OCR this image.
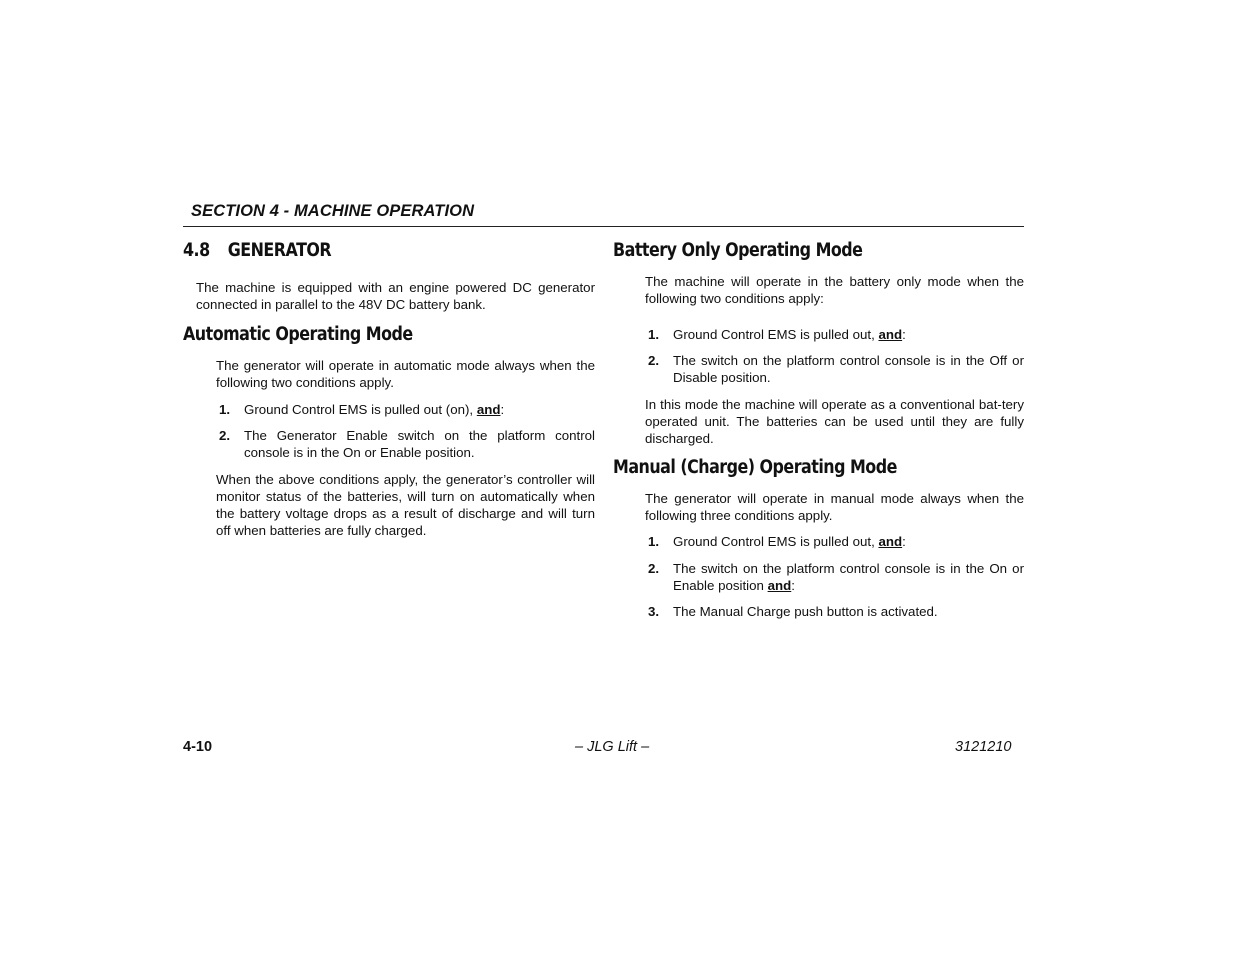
SECTION 4 - MACHINE OPERATION
4.8 GENERATOR
The machine is equipped with an engine powered DC generator connected in parallel to the 48V DC battery bank.
Automatic Operating Mode
The generator will operate in automatic mode always when the following two conditions apply.
1. Ground Control EMS is pulled out (on), and:
2. The Generator Enable switch on the platform control console is in the On or Enable position.
When the above conditions apply, the generator’s controller will monitor status of the batteries, will turn on automatically when the battery voltage drops as a result of discharge and will turn off when batteries are fully charged.
Battery Only Operating Mode
The machine will operate in the battery only mode when the following two conditions apply:
1. Ground Control EMS is pulled out, and:
2. The switch on the platform control console is in the Off or Disable position.
In this mode the machine will operate as a conventional bat-tery operated unit. The batteries can be used until they are fully discharged.
Manual (Charge) Operating Mode
The generator will operate in manual mode always when the following three conditions apply.
1. Ground Control EMS is pulled out, and:
2. The switch on the platform control console is in the On or Enable position and:
3. The Manual Charge push button is activated.
4-10	– JLG Lift –	3121210
